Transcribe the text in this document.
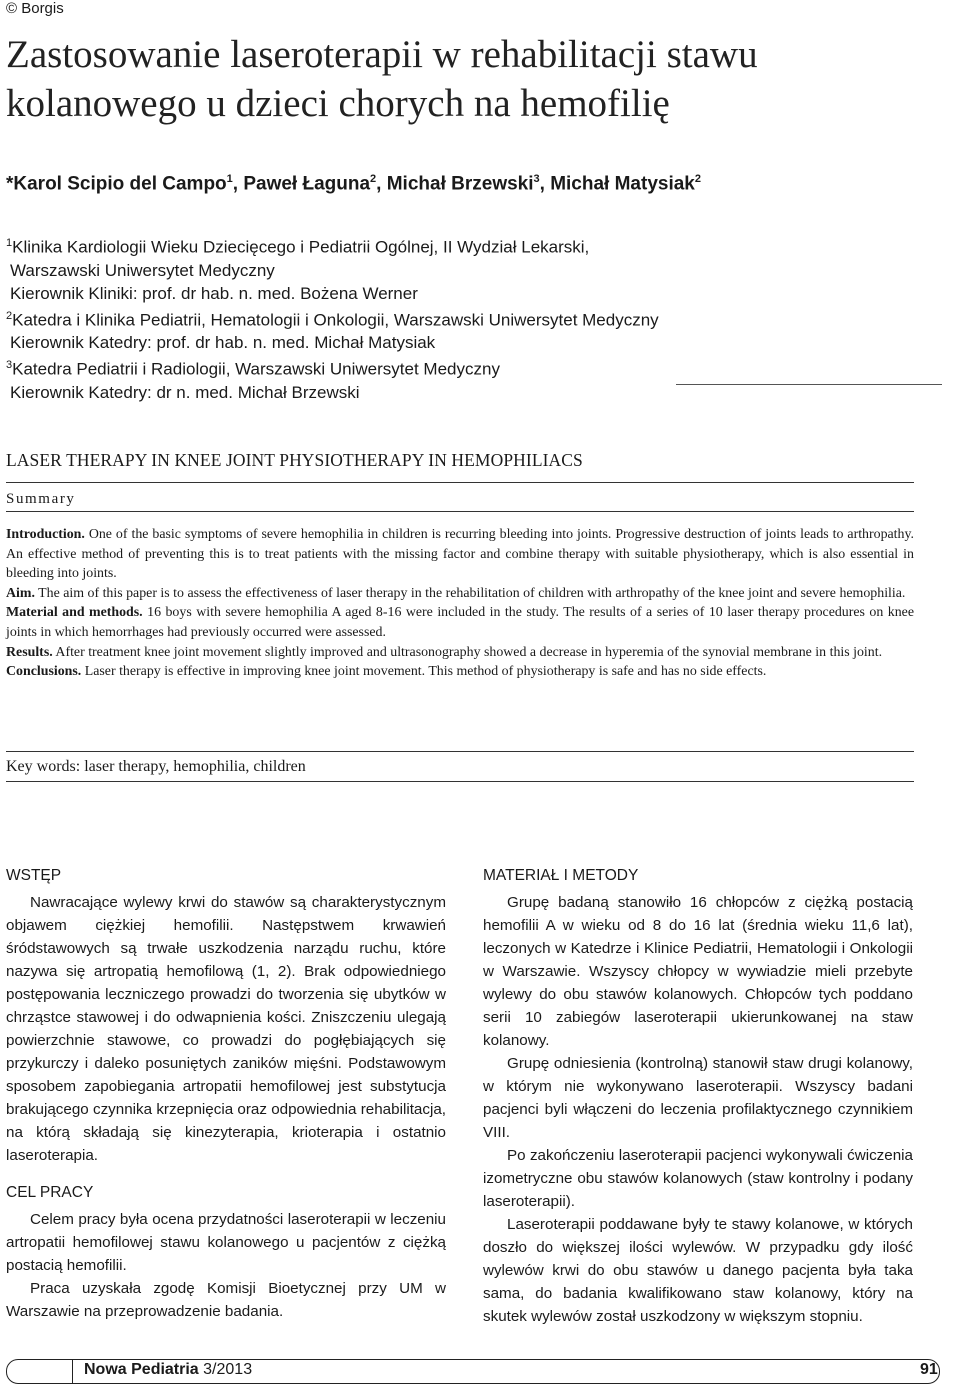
© Borgis
Zastosowanie laseroterapii w rehabilitacji stawu
kolanowego u dzieci chorych na hemofilię
*Karol Scipio del Campo$^1$, Paweł Łaguna$^2$, Michał Brzewski$^3$, Michał Matysiak$^2$
$^1$Klinika Kardiologii Wieku Dziecięcego i Pediatrii Ogólnej, II Wydział Lekarski,
Warszawski Uniwersytet Medyczny
Kierownik Kliniki: prof. dr hab. n. med. Bożena Werner
$^2$Katedra i Klinika Pediatrii, Hematologii i Onkologii, Warszawski Uniwersytet Medyczny
Kierownik Katedry: prof. dr hab. n. med. Michał Matysiak
$^3$Katedra Pediatrii i Radiologii, Warszawski Uniwersytet Medyczny
Kierownik Katedry: dr n. med. Michał Brzewski
LASER THERAPY IN KNEE JOINT PHYSIOTHERAPY IN HEMOPHILIACS
Summary

Introduction. One of the basic symptoms of severe hemophilia in children is recurring bleeding into joints. Progressive destruction of joints leads to arthropathy. An effective method of preventing this is to treat patients with the missing factor and combine therapy with suitable physiotherapy, which is also essential in bleeding into joints.

Aim. The aim of this paper is to assess the effectiveness of laser therapy in the rehabilitation of children with arthropathy of the knee joint and severe hemophilia.

Material and methods. 16 boys with severe hemophilia A aged 8-16 were included in the study. The results of a series of 10 laser therapy procedures on knee joints in which hemorrhages had previously occurred were assessed.

Results. After treatment knee joint movement slightly improved and ultrasonography showed a decrease in hyperemia of the synovial membrane in this joint.

Conclusions. Laser therapy is effective in improving knee joint movement. This method of physiotherapy is safe and has no side effects.

Key words: laser therapy, hemophilia, children
WSTĘP

Nawracające wylewy krwi do stawów są charakterystycznym objawem ciężkiej hemofilii. Następstwem krwawień śródstawowych są trwałe uszkodzenia narządu ruchu, które nazywa się artropatią hemofilową (1, 2). Brak odpowiedniego postępowania leczniczego prowadzi do tworzenia się ubytków w chrząstce stawowej i do odwapnienia kości. Zniszczeniu ulegają powierzchnie stawowe, co prowadzi do pogłębiających się przykurczy i daleko posuniętych zaników mięśni. Podstawowym sposobem zapobiegania artropatii hemofilowej jest substytucja brakującego czynnika krzepnięcia oraz odpowiednia rehabilitacja, na którą składają się kinezyterapia, krioterapia i ostatnio laseroterapia.

CEL PRACY

Celem pracy była ocena przydatności laseroterapii w leczeniu artropatii hemofilowej stawu kolanowego u pacjentów z ciężką postacią hemofilii.

Praca uzyskała zgodę Komisji Bioetycznej przy UM w Warszawie na przeprowadzenie badania.

MATERIAŁ I METODY

Grupę badaną stanowiło 16 chłopców z ciężką postacią hemofilii A w wieku od 8 do 16 lat (średnia wieku 11,6 lat), leczonych w Katedrze i Klinice Pediatrii, Hematologii i Onkologii w Warszawie. Wszyscy chłopcy w wywiadzie mieli przebyte wylewy do obu stawów kolanowych. Chłopców tych poddano serii 10 zabiegów laseroterapii ukierunkowanej na staw kolanowy.

Grupę odniesienia (kontrolną) stanowił staw drugi kolanowy, w którym nie wykonywano laseroterapii. Wszyscy badani pacjenci byli włączeni do leczenia profilaktycznego czynnikiem VIII.

Po zakończeniu laseroterapii pacjenci wykonywali ćwiczenia izometryczne obu stawów kolanowych (staw kontrolny i podany laseroterapii).

Laseroterapii poddawane były te stawy kolanowe, w których doszło do większej ilości wylewów. W przypadku gdy ilość wylewów krwi do obu stawów u danego pacjenta była taka sama, do badania kwalifikowano staw kolanowy, który na skutek wylewów został uszkodzony w większym stopniu.

Nowa Pediatria 3/2013	91
